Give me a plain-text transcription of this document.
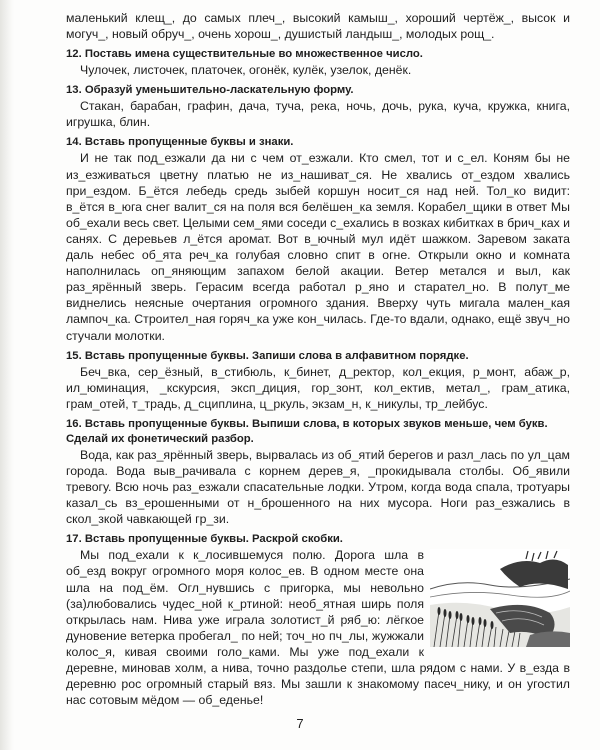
маленький клещ_, до самых плеч_, высокий камыш_, хороший чертёж_, высок и могуч_, новый обруч_, очень хорош_, душистый ландыш_, молодых рощ_.

12. Поставь имена существительные во множественное число.

Чулочек, листочек, платочек, огонёк, кулёк, узелок, денёк.

13. Образуй уменьшительно-ласкательную форму.

Стакан, барабан, графин, дача, туча, река, ночь, дочь, рука, куча, кружка, книга, игрушка, блин.

14. Вставь пропущенные буквы и знаки.

И не так под_езжали да ни с чем от_езжали. Кто смел, тот и с_ел. Коням бы не из_езживаться цветну платью не из_нашиват_ся. Не хвались от_ездом хвались при_ездом. Б_ётся лебедь средь зыбей коршун носит_ся над ней. Тол_ко видит: в_ётся в_юга снег валит_ся на поля вся белёшен_ка земля. Корабел_щики в ответ Мы об_ехали весь свет. Целыми сем_ями соседи с_ехались в возках кибитках в брич_ках и санях. С деревьев л_ётся аромат. Вот в_ючный мул идёт шажком. Заревом заката даль небес об_ята реч_ка голубая словно спит в огне. Открыли окно и комната наполнилась оп_яняющим запахом белой акации. Ветер метался и выл, как раз_ярённый зверь. Герасим всегда работал р_яно и старател_но. В полут_ме виднелись неясные очертания огромного здания. Вверху чуть мигала мален_кая лампоч_ка. Строител_ная горяч_ка уже кон_чилась. Где-то вдали, однако, ещё звуч_но стучали молотки.

15. Вставь пропущенные буквы. Запиши слова в алфавитном порядке.

Беч_вка, сер_ёзный, в_стибюль, к_бинет, д_ректор, кол_екция, р_монт, абаж_р, ил_юминация, _кскурсия, эксп_диция, гор_зонт, кол_ектив, метал_, грам_атика, грам_отей, т_традь, д_сциплина, ц_ркуль, экзам_н, к_никулы, тр_лейбус.

16. Вставь пропущенные буквы. Выпиши слова, в которых звуков меньше, чем букв. Сделай их фонетический разбор.

Вода, как раз_ярённый зверь, вырвалась из об_ятий берегов и разл_лась по ул_цам города. Вода выв_рачивала с корнем дерев_я, _прокидывала столбы. Об_явили тревогу. Всю ночь раз_езжали спасательные лодки. Утром, когда вода спала, тротуары казал_сь вз_ерошенными от н_брошенного на них мусора. Ноги раз_езжались в скол_зкой чавкающей гр_зи.

17. Вставь пропущенные буквы. Раскрой скобки.

Мы под_ехали к к_лосившемуся полю. Дорога шла в об_езд вокруг огромного моря колос_ев. В одном месте она шла на под_ём. Огл_нувшись с пригорка, мы невольно (за)любовались чудес_ной к_ртиной: необ_ятная ширь поля открылась нам. Нива уже играла золотист_й ряб_ю: лёгкое дуновение ветерка пробегал_ по ней; точ_но пч_лы, жужжали колос_я, кивая своими голо_ками. Мы уже под_ехали к деревне, миновав холм, а нива, точно раздолье степи, шла рядом с нами. У в_езда в деревню рос огромный старый вяз. Мы зашли к знакомому пасеч_нику, и он угостил нас сотовым мёдом — об_еденье!

7
